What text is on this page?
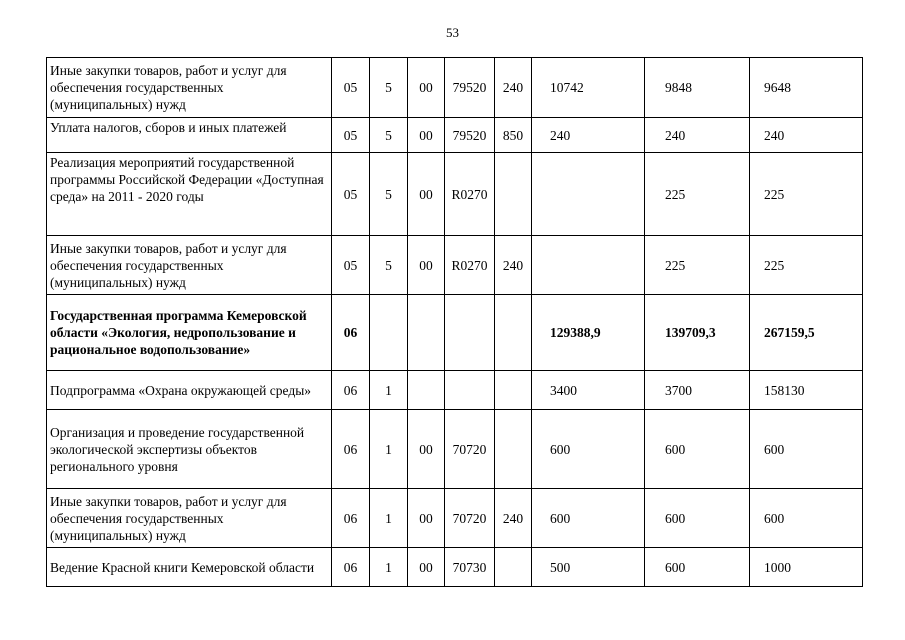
53
Иные закупки товаров, работ и услуг для обеспечения государственных (муниципальных) нужд	05	5	00	79520	240	10742	9848	9648
Уплата налогов, сборов и иных платежей	05	5	00	79520	850	240	240	240
Реализация мероприятий государственной программы Российской Федерации «Доступная среда» на 2011 - 2020 годы	05	5	00	R0270			225	225
Иные закупки товаров, работ и услуг для обеспечения государственных (муниципальных) нужд	05	5	00	R0270	240		225	225
Государственная программа Кемеровской области «Экология, недропользование и рациональное водопользование»	06					129388,9	139709,3	267159,5
Подпрограмма «Охрана окружающей среды»	06	1				3400	3700	158130
Организация и проведение государственной экологической экспертизы объектов регионального уровня	06	1	00	70720		600	600	600
Иные закупки товаров, работ и услуг для обеспечения государственных (муниципальных) нужд	06	1	00	70720	240	600	600	600
Ведение Красной книги Кемеровской области	06	1	00	70730		500	600	1000
